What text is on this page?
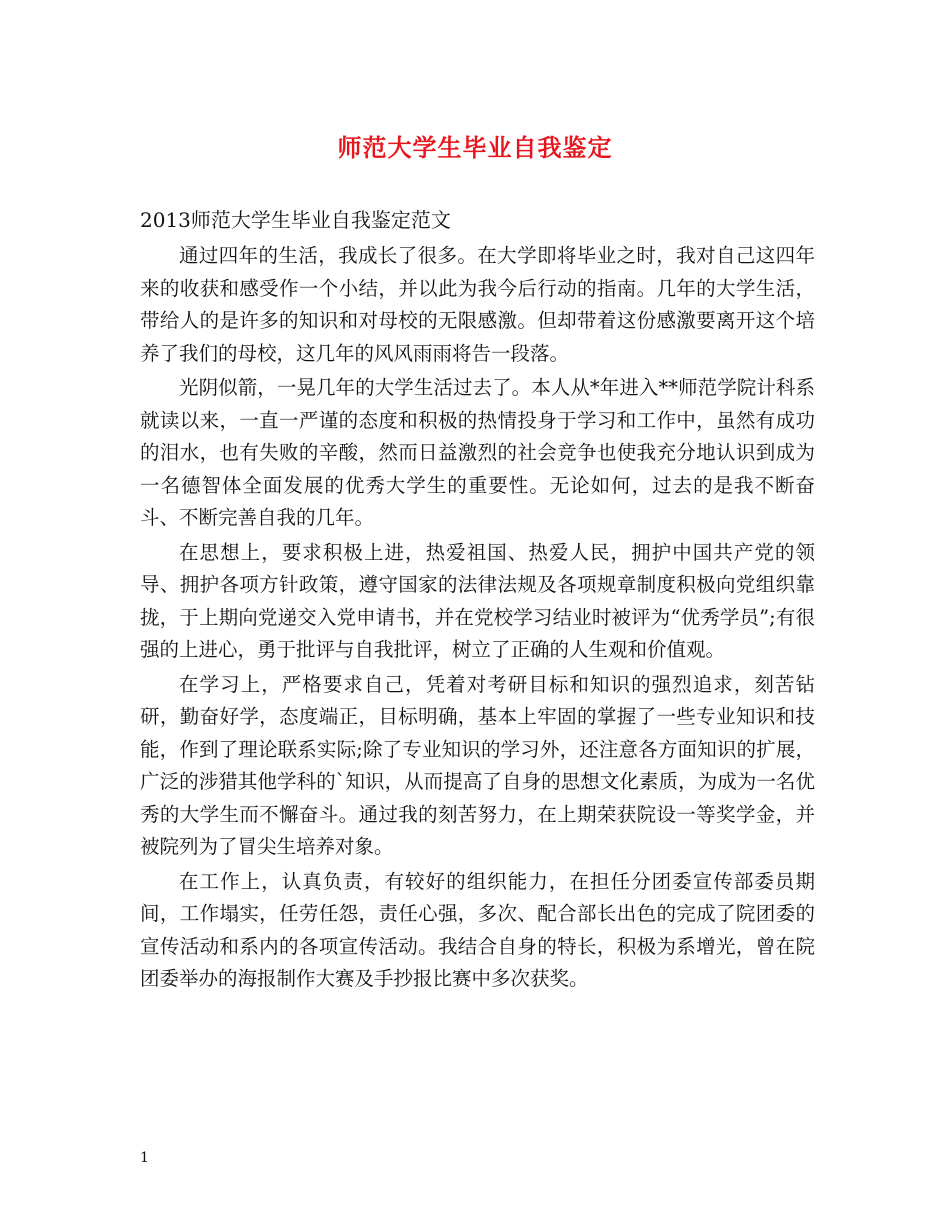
师范大学生毕业自我鉴定
2013师范大学生毕业自我鉴定范文

通过四年的生活，我成长了很多。在大学即将毕业之时，我对自己这四年来的收获和感受作一个小结，并以此为我今后行动的指南。几年的大学生活，带给人的是许多的知识和对母校的无限感激。但却带着这份感激要离开这个培养了我们的母校，这几年的风风雨雨将告一段落。

光阴似箭，一晃几年的大学生活过去了。本人从*年进入**师范学院计科系就读以来，一直一严谨的态度和积极的热情投身于学习和工作中，虽然有成功的泪水，也有失败的辛酸，然而日益激烈的社会竞争也使我充分地认识到成为一名德智体全面发展的优秀大学生的重要性。无论如何，过去的是我不断奋斗、不断完善自我的几年。

在思想上，要求积极上进，热爱祖国、热爱人民，拥护中国共产党的领导、拥护各项方针政策，遵守国家的法律法规及各项规章制度积极向党组织靠拢，于上期向党递交入党申请书，并在党校学习结业时被评为“优秀学员”;有很强的上进心，勇于批评与自我批评，树立了正确的人生观和价值观。

在学习上，严格要求自己，凭着对考研目标和知识的强烈追求，刻苦钻研，勤奋好学，态度端正，目标明确，基本上牢固的掌握了一些专业知识和技能，作到了理论联系实际;除了专业知识的学习外，还注意各方面知识的扩展，广泛的涉猎其他学科的`知识，从而提高了自身的思想文化素质，为成为一名优秀的大学生而不懈奋斗。通过我的刻苦努力，在上期荣获院设一等奖学金，并被院列为了冒尖生培养对象。

在工作上，认真负责，有较好的组织能力，在担任分团委宣传部委员期间，工作塌实，任劳任怨，责任心强，多次、配合部长出色的完成了院团委的宣传活动和系内的各项宣传活动。我结合自身的特长，积极为系增光，曾在院团委举办的海报制作大赛及手抄报比赛中多次获奖。

1
